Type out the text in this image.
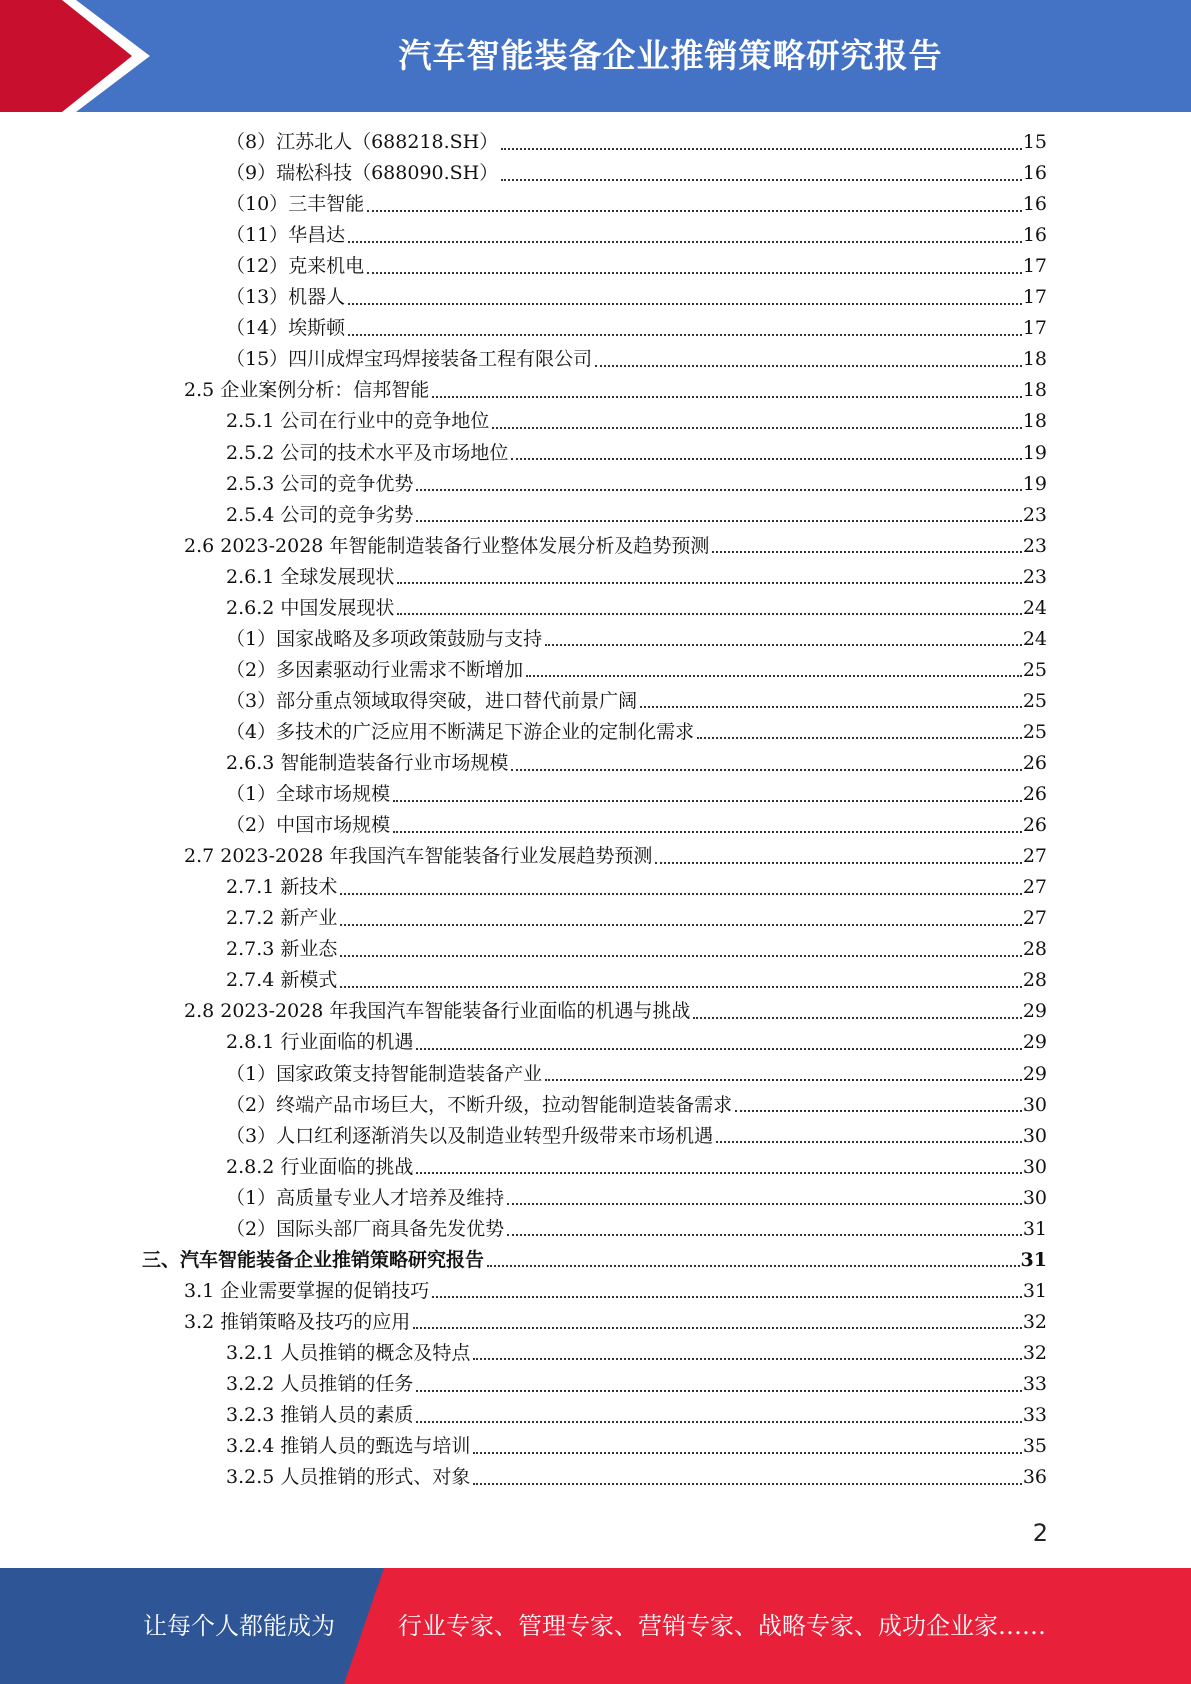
汽车智能装备企业推销策略研究报告
（8）江苏北人（688218.SH）	15
（9）瑞松科技（688090.SH）	16
（10）三丰智能	16
（11）华昌达	16
（12）克来机电	17
（13）机器人	17
（14）埃斯顿	17
（15）四川成焊宝玛焊接装备工程有限公司	18
2.5 企业案例分析：信邦智能	18
2.5.1 公司在行业中的竞争地位	18
2.5.2 公司的技术水平及市场地位	19
2.5.3 公司的竞争优势	19
2.5.4 公司的竞争劣势	23
2.6 2023-2028 年智能制造装备行业整体发展分析及趋势预测	23
2.6.1 全球发展现状	23
2.6.2 中国发展现状	24
（1）国家战略及多项政策鼓励与支持	24
（2）多因素驱动行业需求不断增加	25
（3）部分重点领域取得突破，进口替代前景广阔	25
（4）多技术的广泛应用不断满足下游企业的定制化需求	25
2.6.3 智能制造装备行业市场规模	26
（1）全球市场规模	26
（2）中国市场规模	26
2.7 2023-2028 年我国汽车智能装备行业发展趋势预测	27
2.7.1 新技术	27
2.7.2 新产业	27
2.7.3 新业态	28
2.7.4 新模式	28
2.8 2023-2028 年我国汽车智能装备行业面临的机遇与挑战	29
2.8.1 行业面临的机遇	29
（1）国家政策支持智能制造装备产业	29
（2）终端产品市场巨大，不断升级，拉动智能制造装备需求	30
（3）人口红利逐渐消失以及制造业转型升级带来市场机遇	30
2.8.2 行业面临的挑战	30
（1）高质量专业人才培养及维持	30
（2）国际头部厂商具备先发优势	31
三、汽车智能装备企业推销策略研究报告	31
3.1 企业需要掌握的促销技巧	31
3.2 推销策略及技巧的应用	32
3.2.1 人员推销的概念及特点	32
3.2.2 人员推销的任务	33
3.2.3 推销人员的素质	33
3.2.4 推销人员的甄选与培训	35
3.2.5 人员推销的形式、对象	36
2
让每个人都能成为	行业专家、管理专家、营销专家、战略专家、成功企业家……
